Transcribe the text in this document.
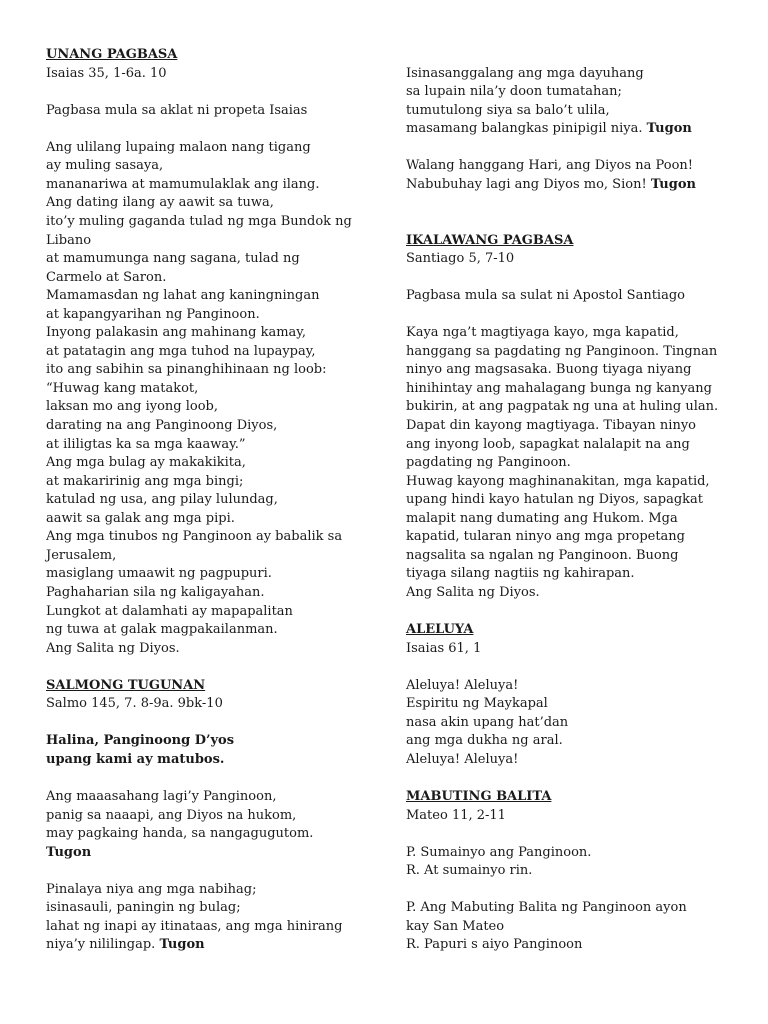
UNANG PAGBASA
Isaias 35, 1-6a. 10
Pagbasa mula sa aklat ni propeta Isaias
Ang ulilang lupaing malaon nang tigang
ay muling sasaya,
mananariwa at mamumulaklak ang ilang.
Ang dating ilang ay aawit sa tuwa,
ito’y muling gaganda tulad ng mga Bundok ng
Libano
at mamumunga nang sagana, tulad ng
Carmelo at Saron.
Mamamasdan ng lahat ang kaningningan
at kapangyarihan ng Panginoon.
Inyong palakasin ang mahinang kamay,
at patatagin ang mga tuhod na lupaypay,
ito ang sabihin sa pinanghihinaan ng loob:
“Huwag kang matakot,
laksan mo ang iyong loob,
darating na ang Panginoong Diyos,
at ililigtas ka sa mga kaaway.”
Ang mga bulag ay makakikita,
at makaririnig ang mga bingi;
katulad ng usa, ang pilay lulundag,
aawit sa galak ang mga pipi.
Ang mga tinubos ng Panginoon ay babalik sa
Jerusalem,
masiglang umaawit ng pagpupuri.
Paghaharian sila ng kaligayahan.
Lungkot at dalamhati ay mapapalitan
ng tuwa at galak magpakailanman.
Ang Salita ng Diyos.
SALMONG TUGUNAN
Salmo 145, 7. 8-9a. 9bk-10
Halina, Panginoong D’yos
upang kami ay matubos.
Ang maaasahang lagi’y Panginoon,
panig sa naaapi, ang Diyos na hukom,
may pagkaing handa, sa nangagugutom.
Tugon
Pinalaya niya ang mga nabihag;
isinasauli, paningin ng bulag;
lahat ng inapi ay itinataas, ang mga hinirang
niya’y nililingap. Tugon
Isinasanggalang ang mga dayuhang
sa lupain nila’y doon tumatahan;
tumutulong siya sa balo’t ulila,
masamang balangkas pinipigil niya. Tugon
Walang hanggang Hari, ang Diyos na Poon!
Nabubuhay lagi ang Diyos mo, Sion! Tugon
IKALAWANG PAGBASA
Santiago 5, 7-10
Pagbasa mula sa sulat ni Apostol Santiago
Kaya nga’t magtiyaga kayo, mga kapatid,
hanggang sa pagdating ng Panginoon. Tingnan
ninyo ang magsasaka. Buong tiyaga niyang
hinihintay ang mahalagang bunga ng kanyang
bukirin, at ang pagpatak ng una at huling ulan.
Dapat din kayong magtiyaga. Tibayan ninyo
ang inyong loob, sapagkat nalalapit na ang
pagdating ng Panginoon.
Huwag kayong maghinanakitan, mga kapatid,
upang hindi kayo hatulan ng Diyos, sapagkat
malapit nang dumating ang Hukom. Mga
kapatid, tularan ninyo ang mga propetang
nagsalita sa ngalan ng Panginoon. Buong
tiyaga silang nagtiis ng kahirapan.
Ang Salita ng Diyos.
ALELUYA
Isaias 61, 1
Aleluya! Aleluya!
Espiritu ng Maykapal
nasa akin upang hat’dan
ang mga dukha ng aral.
Aleluya! Aleluya!
MABUTING BALITA
Mateo 11, 2-11
P. Sumainyo ang Panginoon.
R. At sumainyo rin.
P. Ang Mabuting Balita ng Panginoon ayon
kay San Mateo
R. Papuri s aiyo Panginoon
